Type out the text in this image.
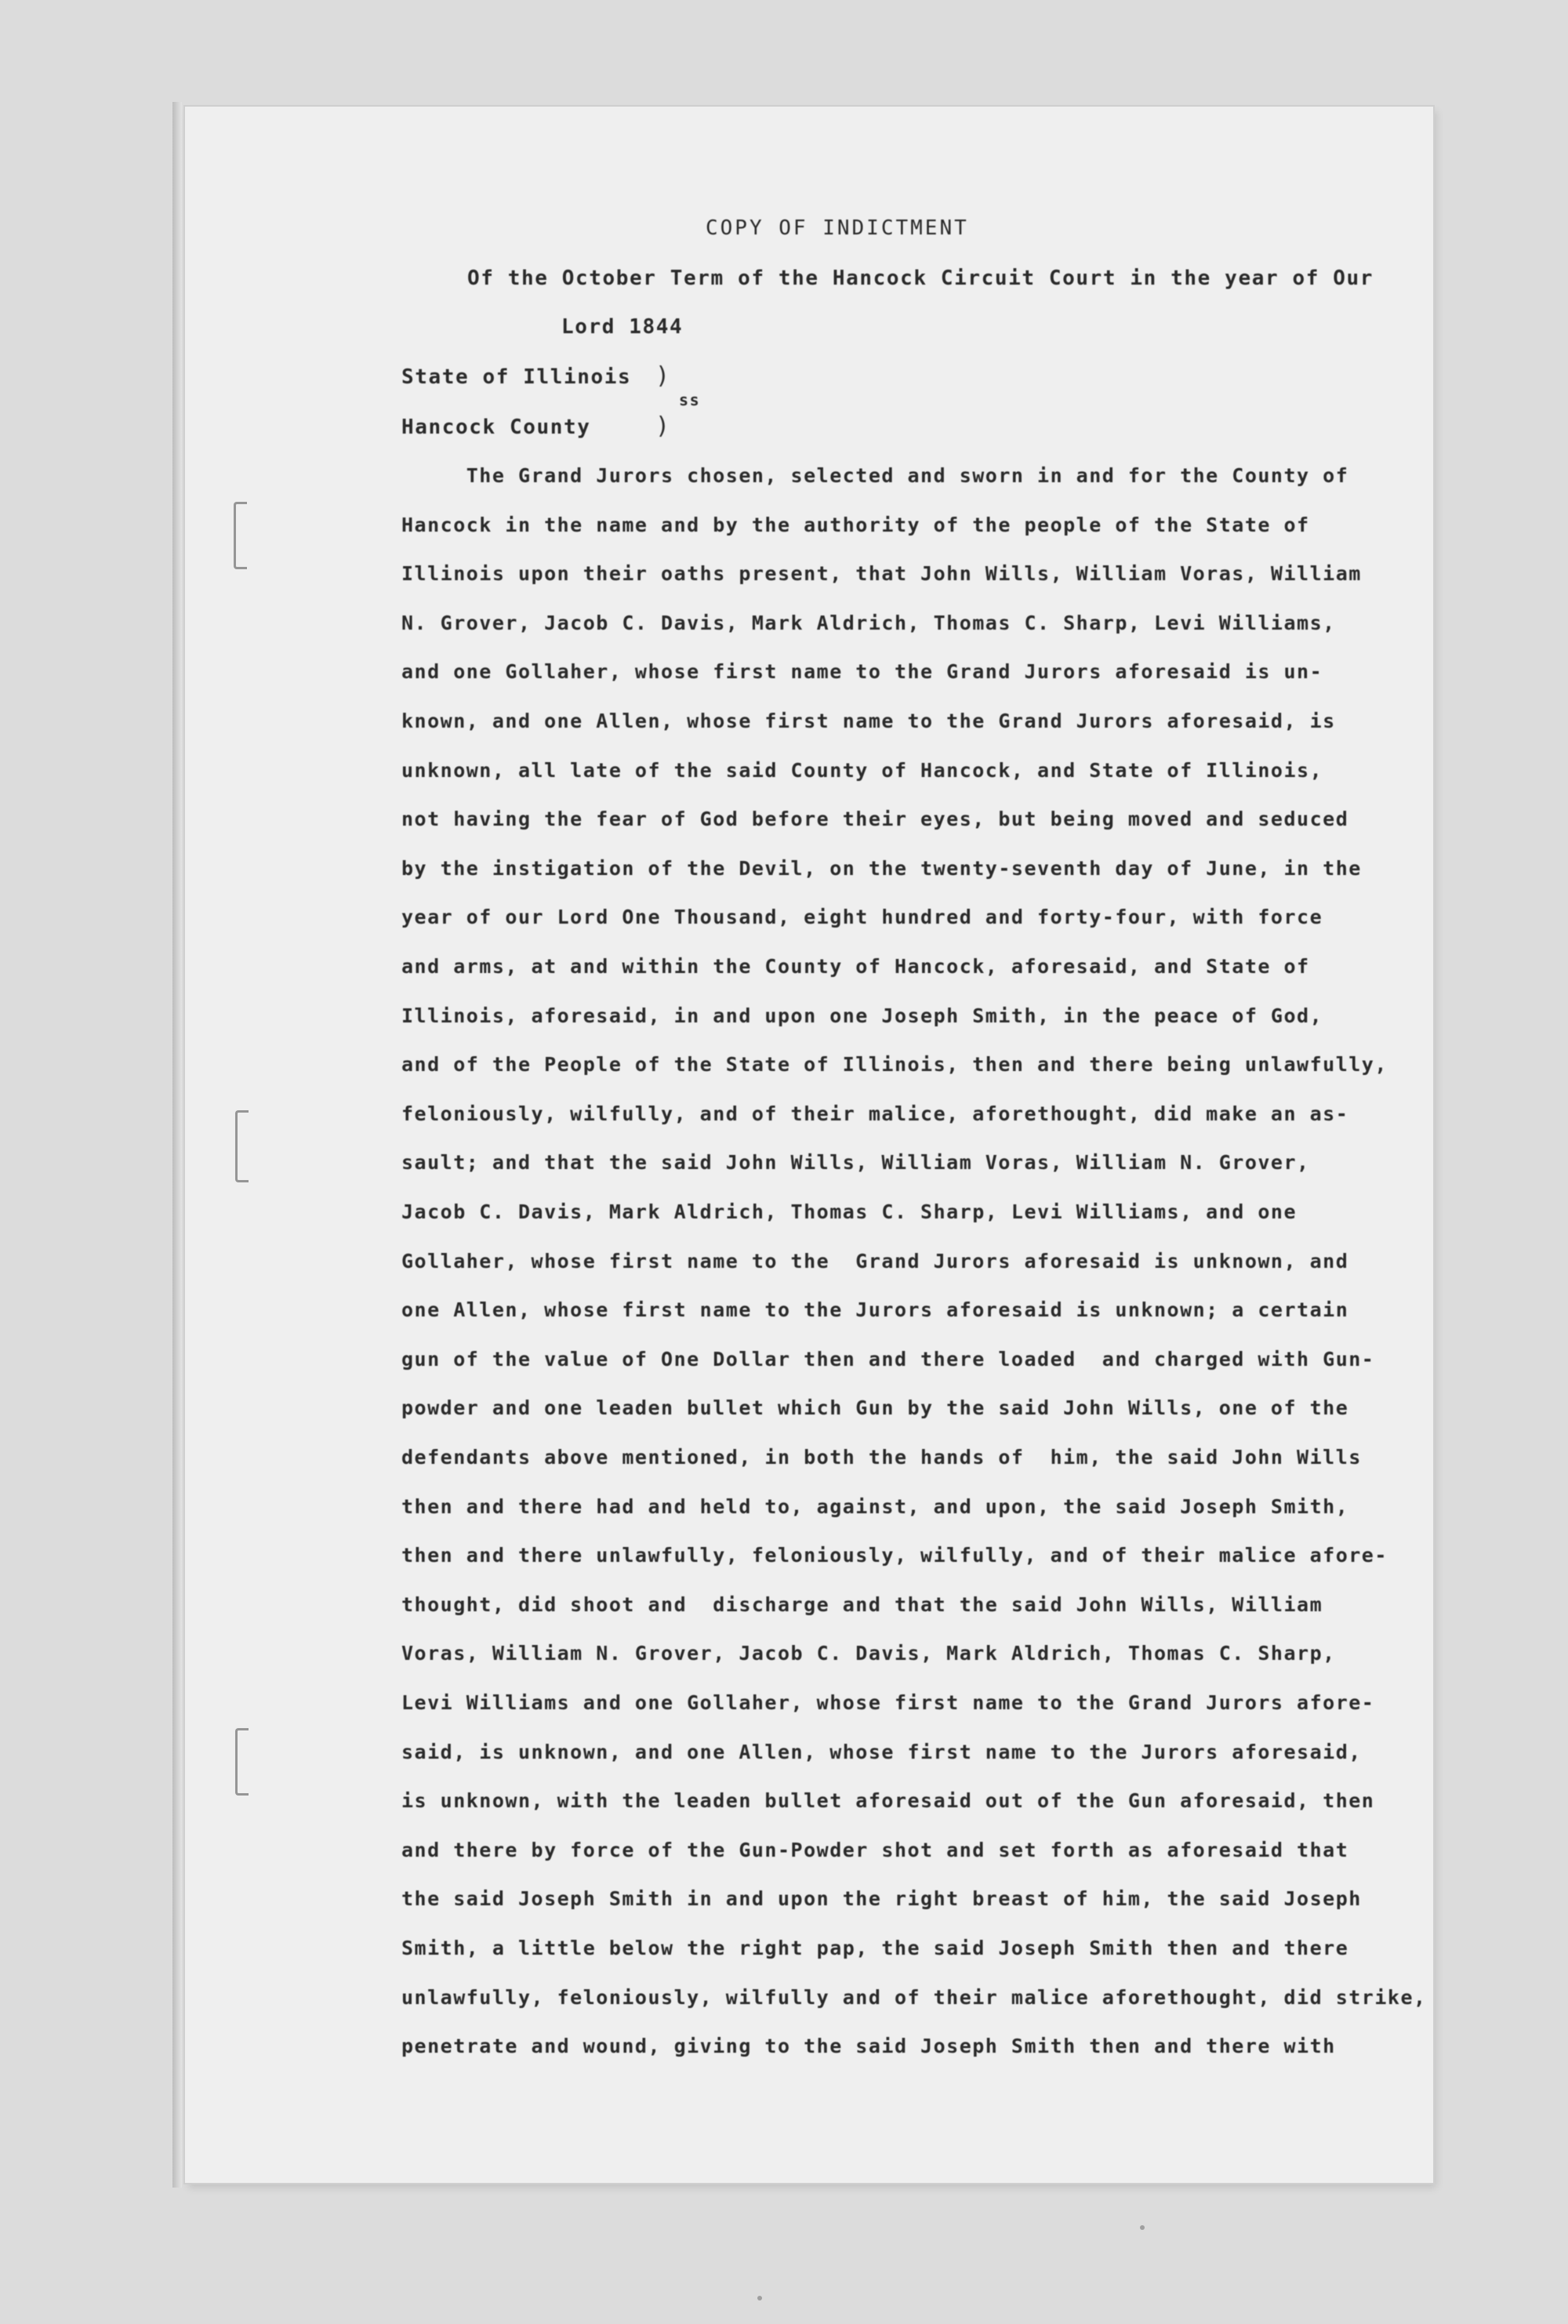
COPY OF INDICTMENT
Of the October Term of the Hancock Circuit Court in the year of Our
Lord 1844
State of Illinois )
ss
Hancock County	)
The Grand Jurors chosen, selected and sworn in and for the County of
Hancock in the name and by the authority of the people of the State of
Illinois upon their oaths present, that John Wills, William Voras, William
N. Grover, Jacob C. Davis, Mark Aldrich, Thomas C. Sharp, Levi Williams,
and one Gollaher, whose first name to the Grand Jurors aforesaid is un-
known, and one Allen, whose first name to the Grand Jurors aforesaid, is
unknown, all late of the said County of Hancock, and State of Illinois,
not having the fear of God before their eyes, but being moved and seduced
by the instigation of the Devil, on the twenty-seventh day of June, in the
year of our Lord One Thousand, eight hundred and forty-four, with force
and arms, at and within the County of Hancock, aforesaid, and State of
Illinois, aforesaid, in and upon one Joseph Smith, in the peace of God,
and of the People of the State of Illinois, then and there being unlawfully,
feloniously, wilfully, and of their malice, aforethought, did make an as-
sault; and that the said John Wills, William Voras, William N. Grover,
Jacob C. Davis, Mark Aldrich, Thomas C. Sharp, Levi Williams, and one
Gollaher, whose first name to the  Grand Jurors aforesaid is unknown, and
one Allen, whose first name to the Jurors aforesaid is unknown; a certain
gun of the value of One Dollar then and there loaded  and charged with Gun-
powder and one leaden bullet which Gun by the said John Wills, one of the
defendants above mentioned, in both the hands of  him, the said John Wills
then and there had and held to, against, and upon, the said Joseph Smith,
then and there unlawfully, feloniously, wilfully, and of their malice afore-
thought, did shoot and  discharge and that the said John Wills, William
Voras, William N. Grover, Jacob C. Davis, Mark Aldrich, Thomas C. Sharp,
Levi Williams and one Gollaher, whose first name to the Grand Jurors afore-
said, is unknown, and one Allen, whose first name to the Jurors aforesaid,
is unknown, with the leaden bullet aforesaid out of the Gun aforesaid, then
and there by force of the Gun-Powder shot and set forth as aforesaid that
the said Joseph Smith in and upon the right breast of him, the said Joseph
Smith, a little below the right pap, the said Joseph Smith then and there
unlawfully, feloniously, wilfully and of their malice aforethought, did strike,
penetrate and wound, giving to the said Joseph Smith then and there with
